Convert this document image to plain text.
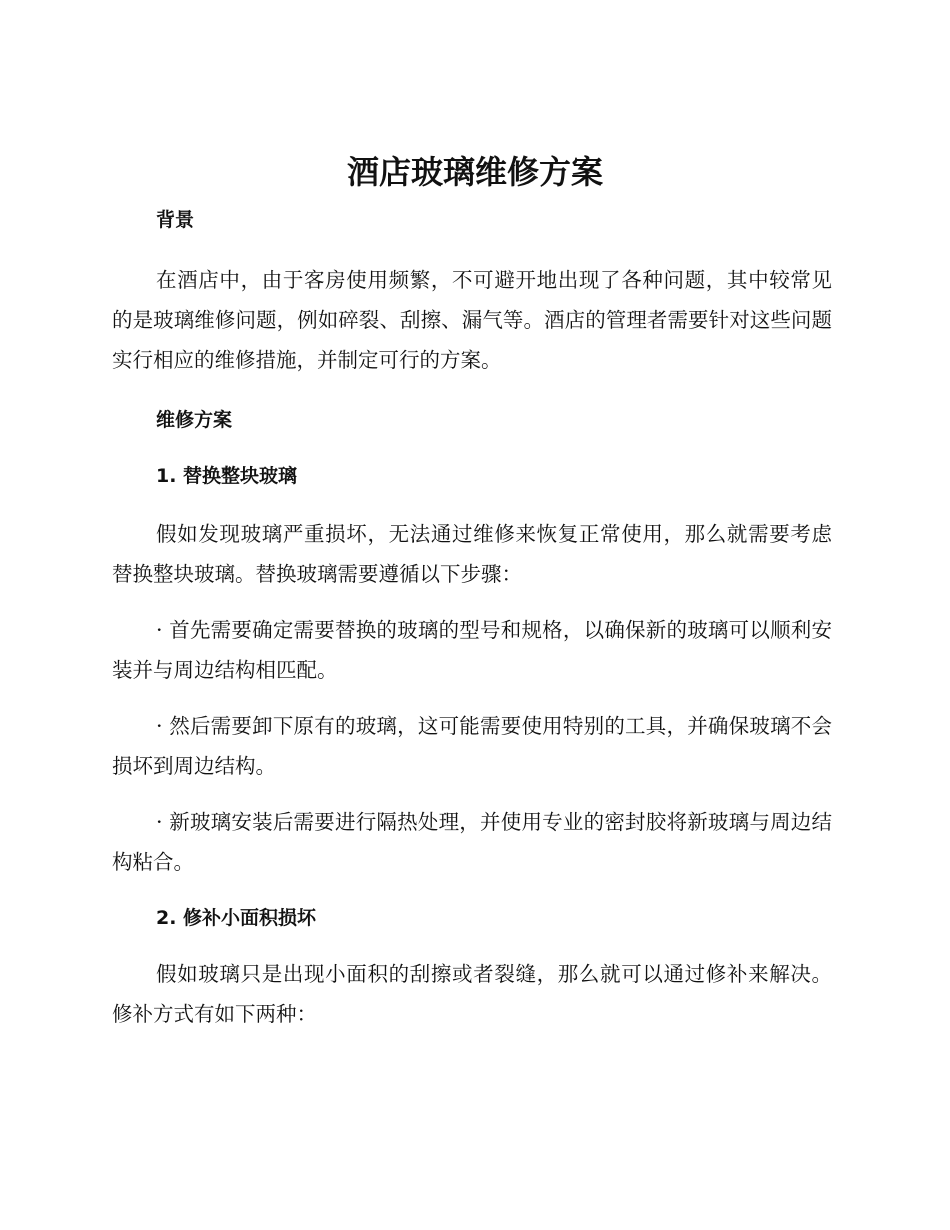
酒店玻璃维修方案

背景

在酒店中，由于客房使用频繁，不可避开地出现了各种问题，其中较常见的是玻璃维修问题，例如碎裂、刮擦、漏气等。酒店的管理者需要针对这些问题实行相应的维修措施，并制定可行的方案。

维修方案

1. 替换整块玻璃

假如发现玻璃严重损坏，无法通过维修来恢复正常使用，那么就需要考虑替换整块玻璃。替换玻璃需要遵循以下步骤：

· 首先需要确定需要替换的玻璃的型号和规格，以确保新的玻璃可以顺利安装并与周边结构相匹配。

· 然后需要卸下原有的玻璃，这可能需要使用特别的工具，并确保玻璃不会损坏到周边结构。

· 新玻璃安装后需要进行隔热处理，并使用专业的密封胶将新玻璃与周边结构粘合。

2. 修补小面积损坏

假如玻璃只是出现小面积的刮擦或者裂缝，那么就可以通过修补来解决。修补方式有如下两种：
